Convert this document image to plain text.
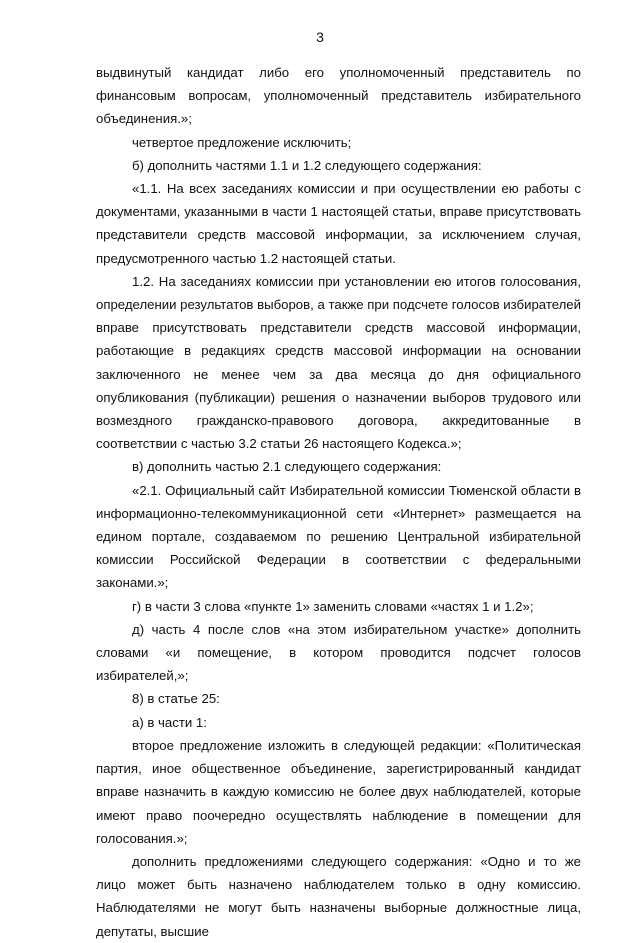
3

выдвинутый кандидат либо его уполномоченный представитель по финансовым вопросам, уполномоченный представитель избирательного объединения.»;

четвертое предложение исключить;

б) дополнить частями 1.1 и 1.2 следующего содержания:

«1.1. На всех заседаниях комиссии и при осуществлении ею работы с документами, указанными в части 1 настоящей статьи, вправе присутствовать представители средств массовой информации, за исключением случая, предусмотренного частью 1.2 настоящей статьи.

1.2. На заседаниях комиссии при установлении ею итогов голосования, определении результатов выборов, а также при подсчете голосов избирателей вправе присутствовать представители средств массовой информации, работающие в редакциях средств массовой информации на основании заключенного не менее чем за два месяца до дня официального опубликования (публикации) решения о назначении выборов трудового или возмездного гражданско-правового договора, аккредитованные в соответствии с частью 3.2 статьи 26 настоящего Кодекса.»;

в) дополнить частью 2.1 следующего содержания:

«2.1. Официальный сайт Избирательной комиссии Тюменской области в информационно-телекоммуникационной сети «Интернет» размещается на едином портале, создаваемом по решению Центральной избирательной комиссии Российской Федерации в соответствии с федеральными законами.»;

г) в части 3 слова «пункте 1» заменить словами «частях 1 и 1.2»;

д) часть 4 после слов «на этом избирательном участке» дополнить словами «и помещение, в котором проводится подсчет голосов избирателей,»;

8) в статье 25:

а) в части 1:

второе предложение изложить в следующей редакции: «Политическая партия, иное общественное объединение, зарегистрированный кандидат вправе назначить в каждую комиссию не более двух наблюдателей, которые имеют право поочередно осуществлять наблюдение в помещении для голосования.»;

дополнить предложениями следующего содержания: «Одно и то же лицо может быть назначено наблюдателем только в одну комиссию. Наблюдателями не могут быть назначены выборные должностные лица, депутаты, высшие
